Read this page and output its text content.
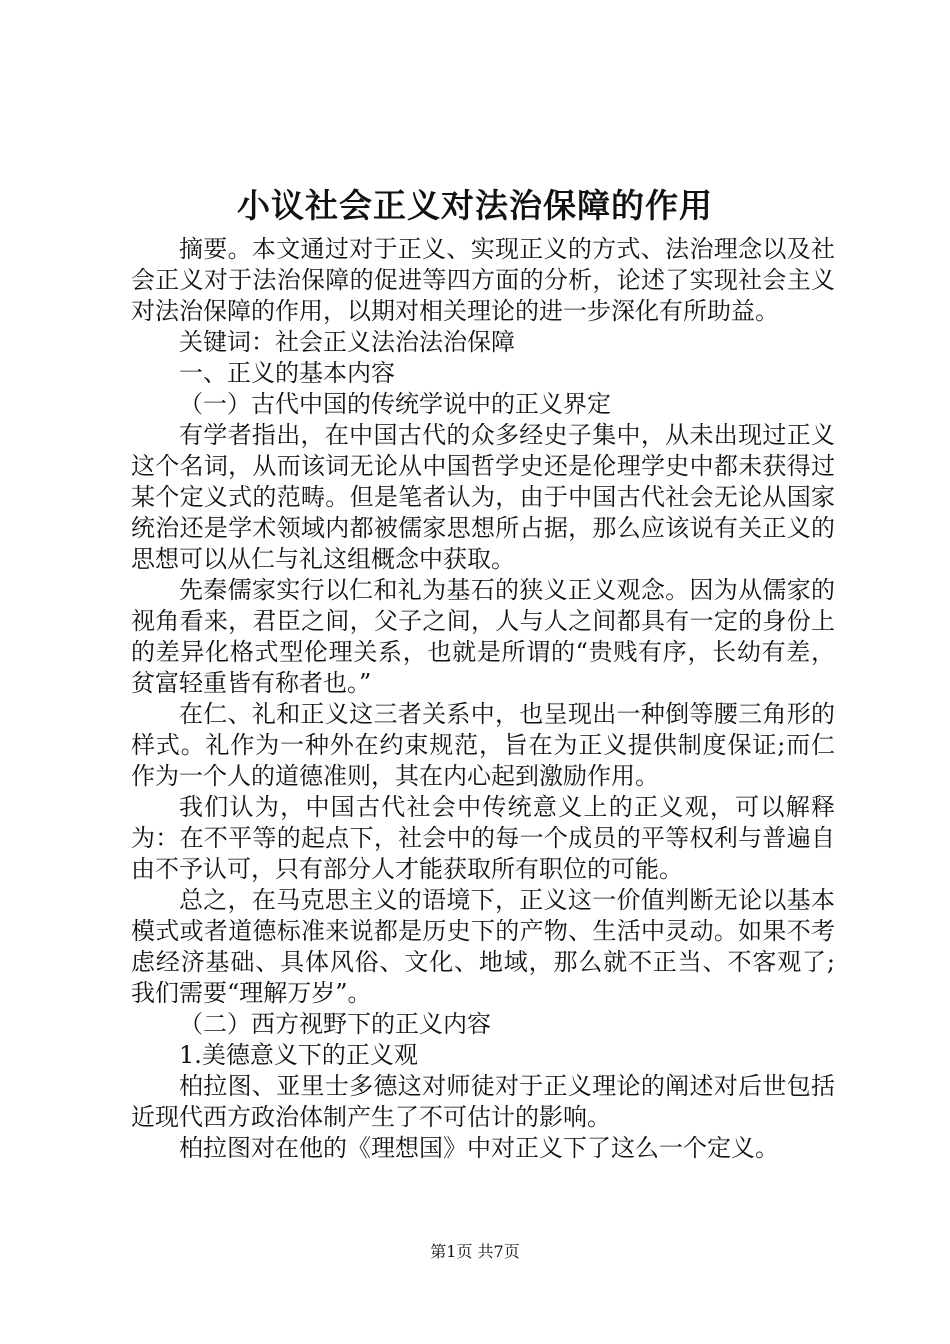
小议社会正义对法治保障的作用

摘要。本文通过对于正义、实现正义的方式、法治理念以及社会正义对于法治保障的促进等四方面的分析，论述了实现社会主义对法治保障的作用，以期对相关理论的进一步深化有所助益。

关键词：社会正义法治法治保障

一、正义的基本内容

（一）古代中国的传统学说中的正义界定

有学者指出，在中国古代的众多经史子集中，从未出现过正义这个名词，从而该词无论从中国哲学史还是伦理学史中都未获得过某个定义式的范畴。但是笔者认为，由于中国古代社会无论从国家统治还是学术领域内都被儒家思想所占据，那么应该说有关正义的思想可以从仁与礼这组概念中获取。

先秦儒家实行以仁和礼为基石的狭义正义观念。因为从儒家的视角看来，君臣之间，父子之间，人与人之间都具有一定的身份上的差异化格式型伦理关系，也就是所谓的“贵贱有序，长幼有差，贫富轻重皆有称者也。”

在仁、礼和正义这三者关系中，也呈现出一种倒等腰三角形的样式。礼作为一种外在约束规范，旨在为正义提供制度保证;而仁作为一个人的道德准则，其在内心起到激励作用。

我们认为，中国古代社会中传统意义上的正义观，可以解释为：在不平等的起点下，社会中的每一个成员的平等权利与普遍自由不予认可，只有部分人才能获取所有职位的可能。

总之，在马克思主义的语境下，正义这一价值判断无论以基本模式或者道德标准来说都是历史下的产物、生活中灵动。如果不考虑经济基础、具体风俗、文化、地域，那么就不正当、不客观了;我们需要“理解万岁”。

（二）西方视野下的正义内容

1.美德意义下的正义观

柏拉图、亚里士多德这对师徒对于正义理论的阐述对后世包括近现代西方政治体制产生了不可估计的影响。

柏拉图对在他的《理想国》中对正义下了这么一个定义。

第1页 共7页
